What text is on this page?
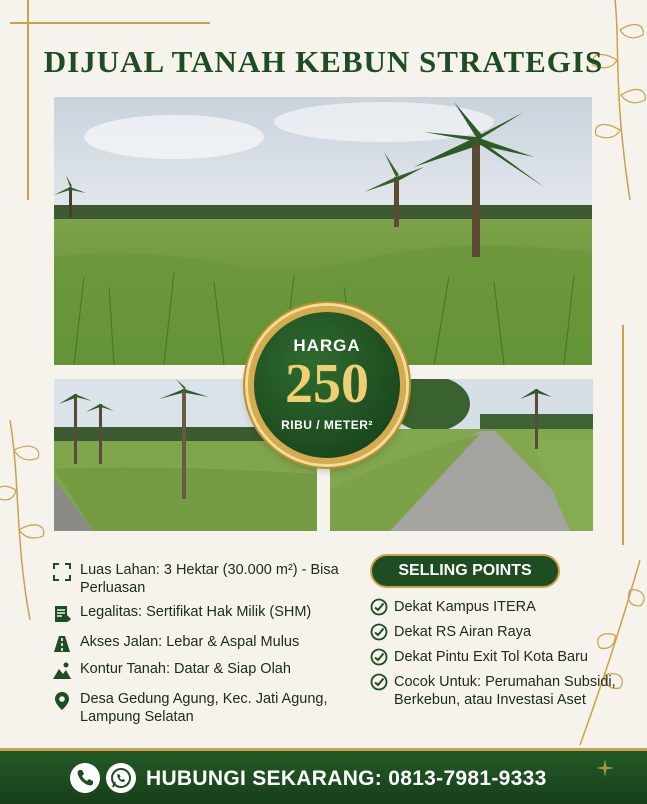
DIJUAL TANAH KEBUN STRATEGIS
HARGA
250
RIBU / METER²
Luas Lahan: 3 Hektar (30.000 m²) - Bisa Perluasan
Legalitas: Sertifikat Hak Milik (SHM)
Akses Jalan: Lebar & Aspal Mulus
Kontur Tanah: Datar & Siap Olah
Desa Gedung Agung, Kec. Jati Agung, Lampung Selatan
SELLING POINTS
Dekat Kampus ITERA
Dekat RS Airan Raya
Dekat Pintu Exit Tol Kota Baru
Cocok Untuk: Perumahan Subsidi, Berkebun, atau Investasi Aset
HUBUNGI SEKARANG: 0813-7981-9333
